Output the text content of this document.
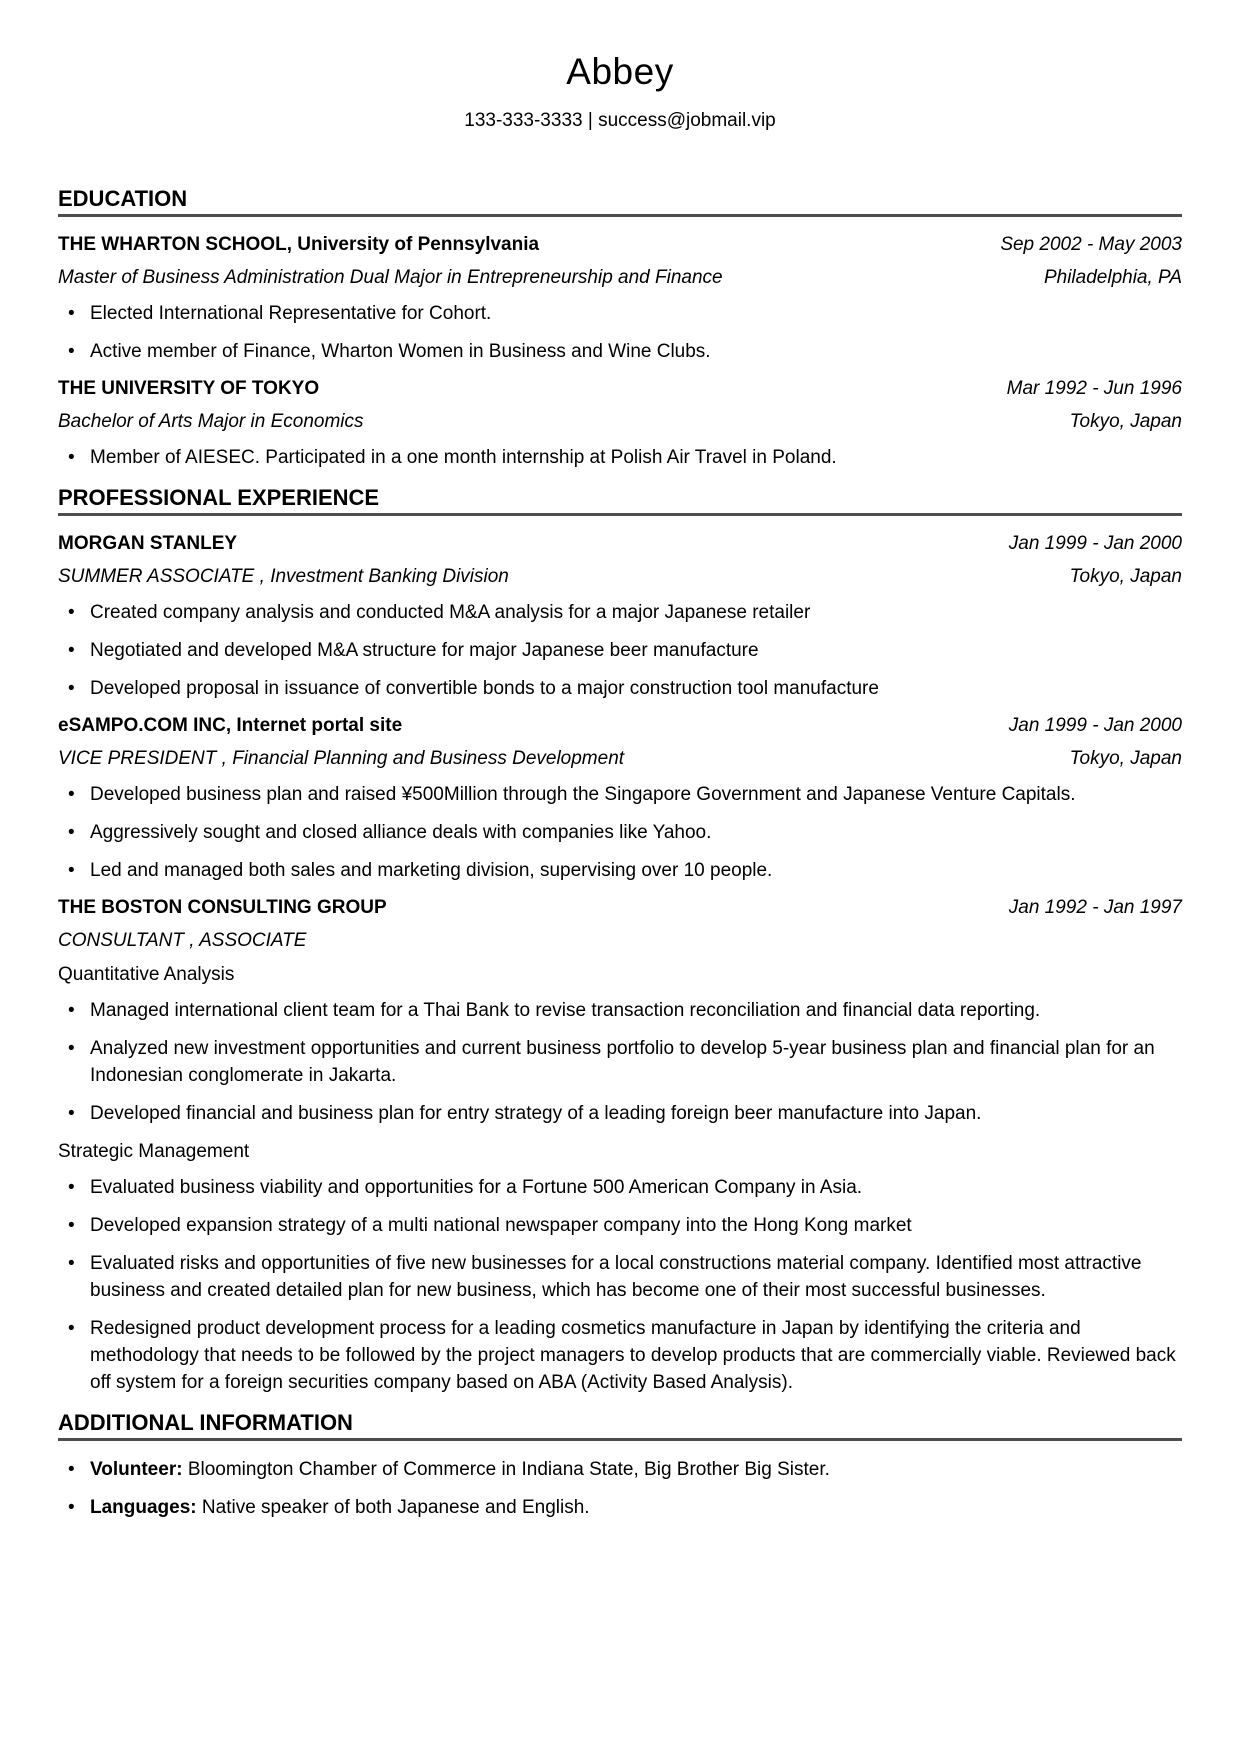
Abbey
133-333-3333 | success@jobmail.vip
EDUCATION
THE WHARTON SCHOOL, University of Pennsylvania	Sep 2002 - May 2003
Master of Business Administration Dual Major in Entrepreneurship and Finance	Philadelphia, PA
• Elected International Representative for Cohort.
• Active member of Finance, Wharton Women in Business and Wine Clubs.
THE UNIVERSITY OF TOKYO	Mar 1992 - Jun 1996
Bachelor of Arts Major in Economics	Tokyo, Japan
• Member of AIESEC. Participated in a one month internship at Polish Air Travel in Poland.
PROFESSIONAL EXPERIENCE
MORGAN STANLEY	Jan 1999 - Jan 2000
SUMMER ASSOCIATE , Investment Banking Division	Tokyo, Japan
• Created company analysis and conducted M&A analysis for a major Japanese retailer
• Negotiated and developed M&A structure for major Japanese beer manufacture
• Developed proposal in issuance of convertible bonds to a major construction tool manufacture
eSAMPO.COM INC, Internet portal site	Jan 1999 - Jan 2000
VICE PRESIDENT , Financial Planning and Business Development	Tokyo, Japan
• Developed business plan and raised ¥500Million through the Singapore Government and Japanese Venture Capitals.
• Aggressively sought and closed alliance deals with companies like Yahoo.
• Led and managed both sales and marketing division, supervising over 10 people.
THE BOSTON CONSULTING GROUP	Jan 1992 - Jan 1997
CONSULTANT , ASSOCIATE
Quantitative Analysis
• Managed international client team for a Thai Bank to revise transaction reconciliation and financial data reporting.
• Analyzed new investment opportunities and current business portfolio to develop 5-year business plan and financial plan for an Indonesian conglomerate in Jakarta.
• Developed financial and business plan for entry strategy of a leading foreign beer manufacture into Japan.
Strategic Management
• Evaluated business viability and opportunities for a Fortune 500 American Company in Asia.
• Developed expansion strategy of a multi national newspaper company into the Hong Kong market
• Evaluated risks and opportunities of five new businesses for a local constructions material company. Identified most attractive business and created detailed plan for new business, which has become one of their most successful businesses.
• Redesigned product development process for a leading cosmetics manufacture in Japan by identifying the criteria and methodology that needs to be followed by the project managers to develop products that are commercially viable. Reviewed back off system for a foreign securities company based on ABA (Activity Based Analysis).
ADDITIONAL INFORMATION
• Volunteer: Bloomington Chamber of Commerce in Indiana State, Big Brother Big Sister.
• Languages: Native speaker of both Japanese and English.
